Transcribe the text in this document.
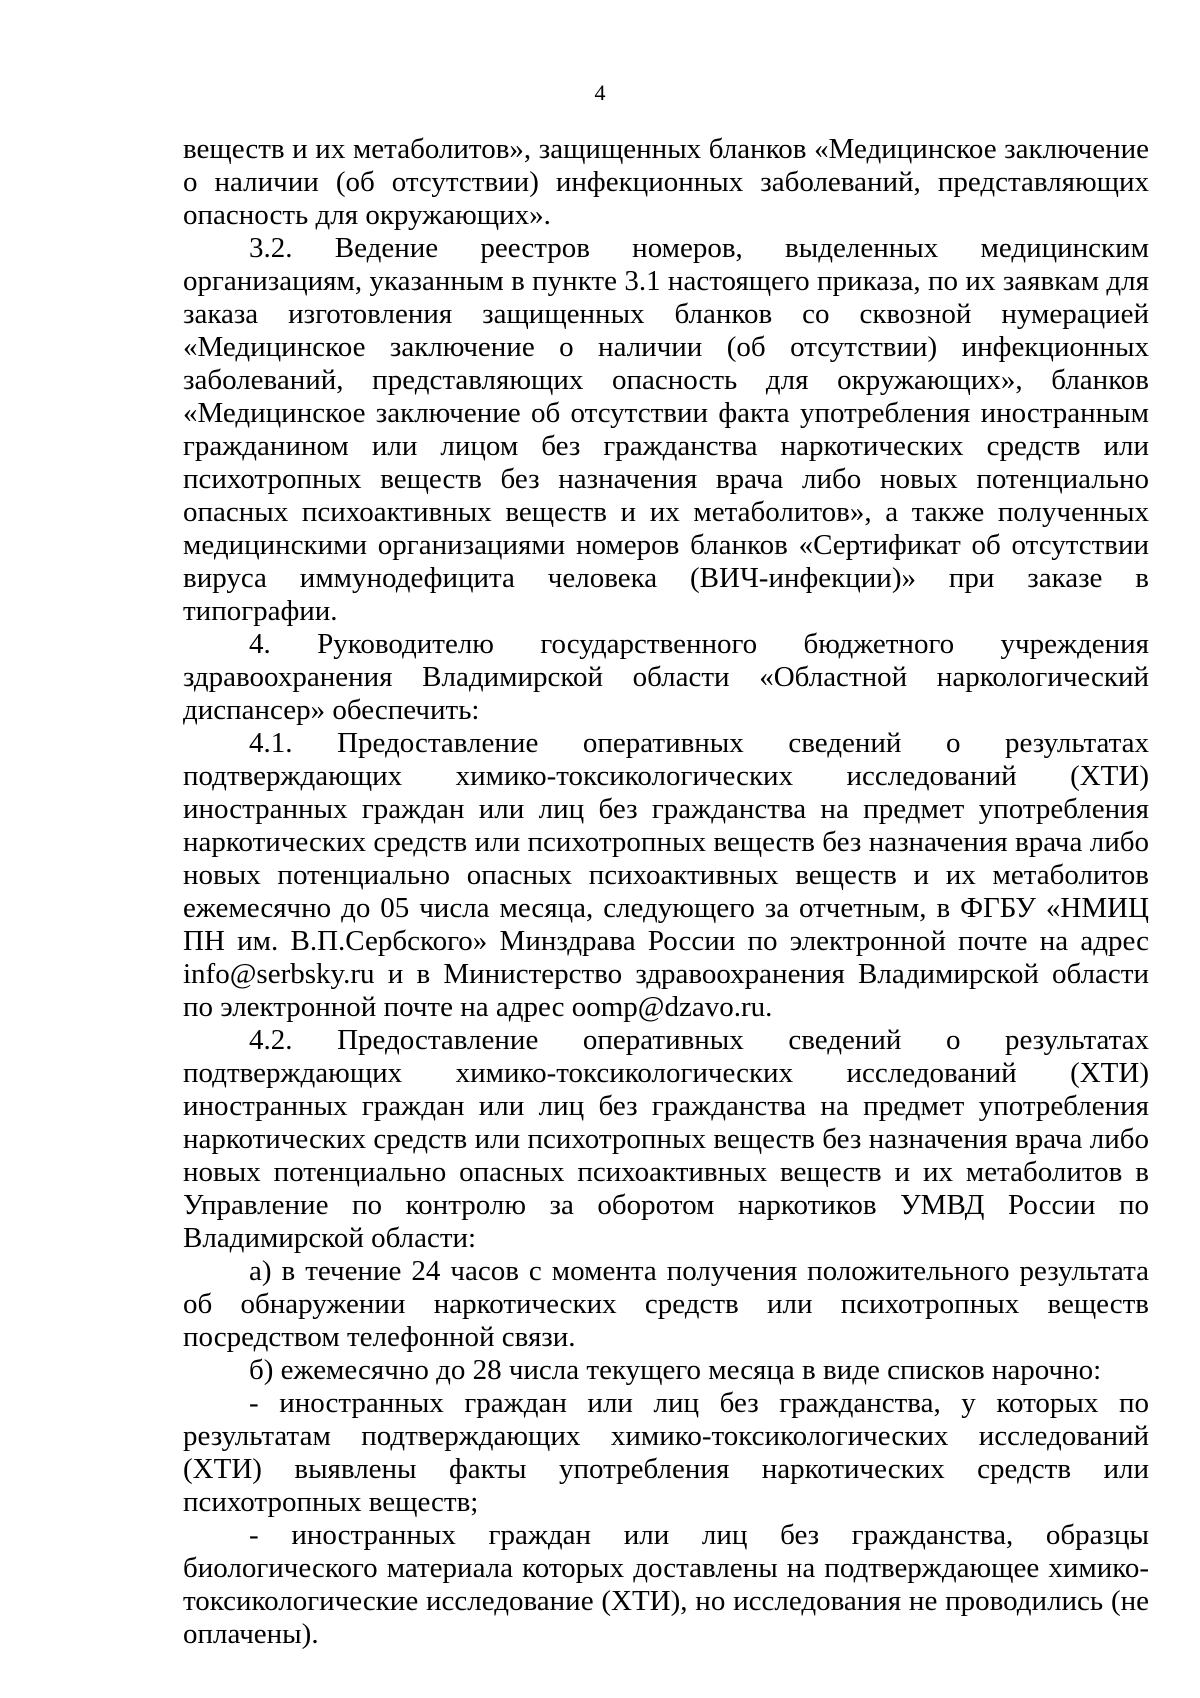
4

веществ и их метаболитов», защищенных бланков «Медицинское заключение о наличии (об отсутствии) инфекционных заболеваний, представляющих опасность для окружающих».

3.2. Ведение реестров номеров, выделенных медицинским организациям, указанным в пункте 3.1 настоящего приказа, по их заявкам для заказа изготовления защищенных бланков со сквозной нумерацией «Медицинское заключение о наличии (об отсутствии) инфекционных заболеваний, представляющих опасность для окружающих», бланков «Медицинское заключение об отсутствии факта употребления иностранным гражданином или лицом без гражданства наркотических средств или психотропных веществ без назначения врача либо новых потенциально опасных психоактивных веществ и их метаболитов», а также полученных медицинскими организациями номеров бланков «Сертификат об отсутствии вируса иммунодефицита человека (ВИЧ-инфекции)» при заказе в типографии.

4. Руководителю государственного бюджетного учреждения здравоохранения Владимирской области «Областной наркологический диспансер» обеспечить:

4.1. Предоставление оперативных сведений о результатах подтверждающих химико-токсикологических исследований (ХТИ) иностранных граждан или лиц без гражданства на предмет употребления наркотических средств или психотропных веществ без назначения врача либо новых потенциально опасных психоактивных веществ и их метаболитов ежемесячно до 05 числа месяца, следующего за отчетным, в ФГБУ «НМИЦ ПН им. В.П.Сербского» Минздрава России по электронной почте на адрес info@serbsky.ru и в Министерство здравоохранения Владимирской области по электронной почте на адрес oomp@dzavo.ru.

4.2. Предоставление оперативных сведений о результатах подтверждающих химико-токсикологических исследований (ХТИ) иностранных граждан или лиц без гражданства на предмет употребления наркотических средств или психотропных веществ без назначения врача либо новых потенциально опасных психоактивных веществ и их метаболитов в Управление по контролю за оборотом наркотиков УМВД России по Владимирской области:

а) в течение 24 часов с момента получения положительного результата об обнаружении наркотических средств или психотропных веществ посредством телефонной связи.

б) ежемесячно до 28 числа текущего месяца в виде списков нарочно:

- иностранных граждан или лиц без гражданства, у которых по результатам подтверждающих химико-токсикологических исследований (ХТИ) выявлены факты употребления наркотических средств или психотропных веществ;

- иностранных граждан или лиц без гражданства, образцы биологического материала которых доставлены на подтверждающее химико-токсикологические исследование (ХТИ), но исследования не проводились (не оплачены).
